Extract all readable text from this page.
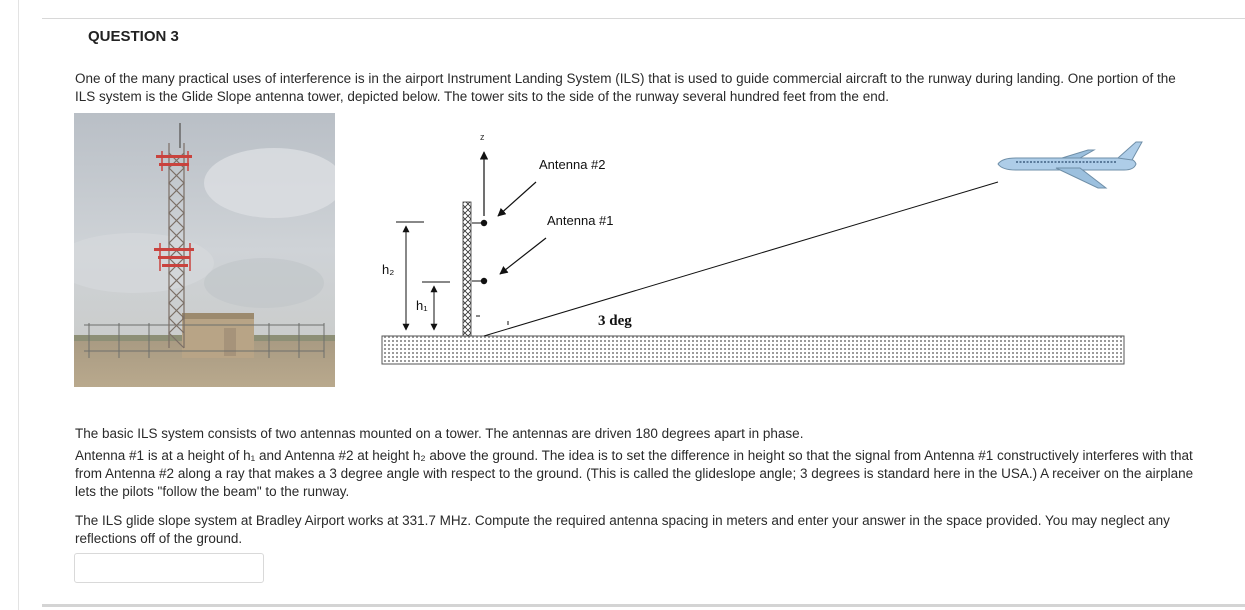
QUESTION 3
One of the many practical uses of interference is in the airport Instrument Landing System (ILS) that is used to guide commercial aircraft to the runway during landing. One portion of the ILS system is the Glide Slope antenna tower, depicted below. The tower sits to the side of the runway several hundred feet from the end.
z
Antenna #2
Antenna #1
h₂
h₁
3 deg
The basic ILS system consists of two antennas mounted on a tower. The antennas are driven 180 degrees apart in phase.
Antenna #1 is at a height of h₁ and Antenna #2 at height h₂ above the ground. The idea is to set the difference in height so that the signal from Antenna #1 constructively interferes with that from Antenna #2 along a ray that makes a 3 degree angle with respect to the ground. (This is called the glideslope angle; 3 degrees is standard here in the USA.) A receiver on the airplane lets the pilots "follow the beam" to the runway.
The ILS glide slope system at Bradley Airport works at 331.7 MHz. Compute the required antenna spacing in meters and enter your answer in the space provided. You may neglect any reflections off of the ground.
